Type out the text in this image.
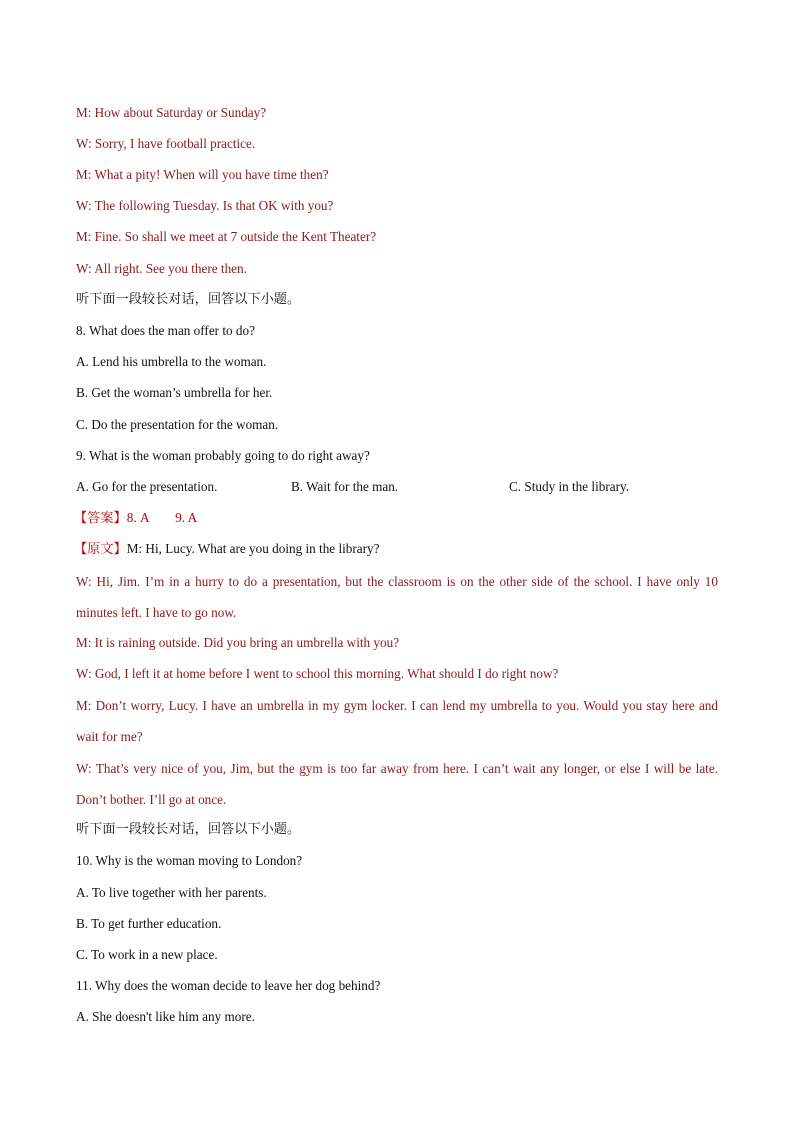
M: How about Saturday or Sunday?
W: Sorry, I have football practice.
M: What a pity! When will you have time then?
W: The following Tuesday. Is that OK with you?
M: Fine. So shall we meet at 7 outside the Kent Theater?
W: All right. See you there then.
听下面一段较长对话，回答以下小题。
8. What does the man offer to do?
A. Lend his umbrella to the woman.
B. Get the woman’s umbrella for her.
C. Do the presentation for the woman.
9. What is the woman probably going to do right away?
A. Go for the presentation.	B. Wait for the man.	C. Study in the library.
【答案】8. A        9. A
【原文】M: Hi, Lucy. What are you doing in the library?
W: Hi, Jim. I’m in a hurry to do a presentation, but the classroom is on the other side of the school. I have only 10 minutes left. I have to go now.
M: It is raining outside. Did you bring an umbrella with you?
W: God, I left it at home before I went to school this morning. What should I do right now?
M: Don’t worry, Lucy. I have an umbrella in my gym locker. I can lend my umbrella to you. Would you stay here and wait for me?
W: That’s very nice of you, Jim, but the gym is too far away from here. I can’t wait any longer, or else I will be late. Don’t bother. I’ll go at once.
听下面一段较长对话，回答以下小题。
10. Why is the woman moving to London?
A. To live together with her parents.
B. To get further education.
C. To work in a new place.
11. Why does the woman decide to leave her dog behind?
A. She doesn't like him any more.
